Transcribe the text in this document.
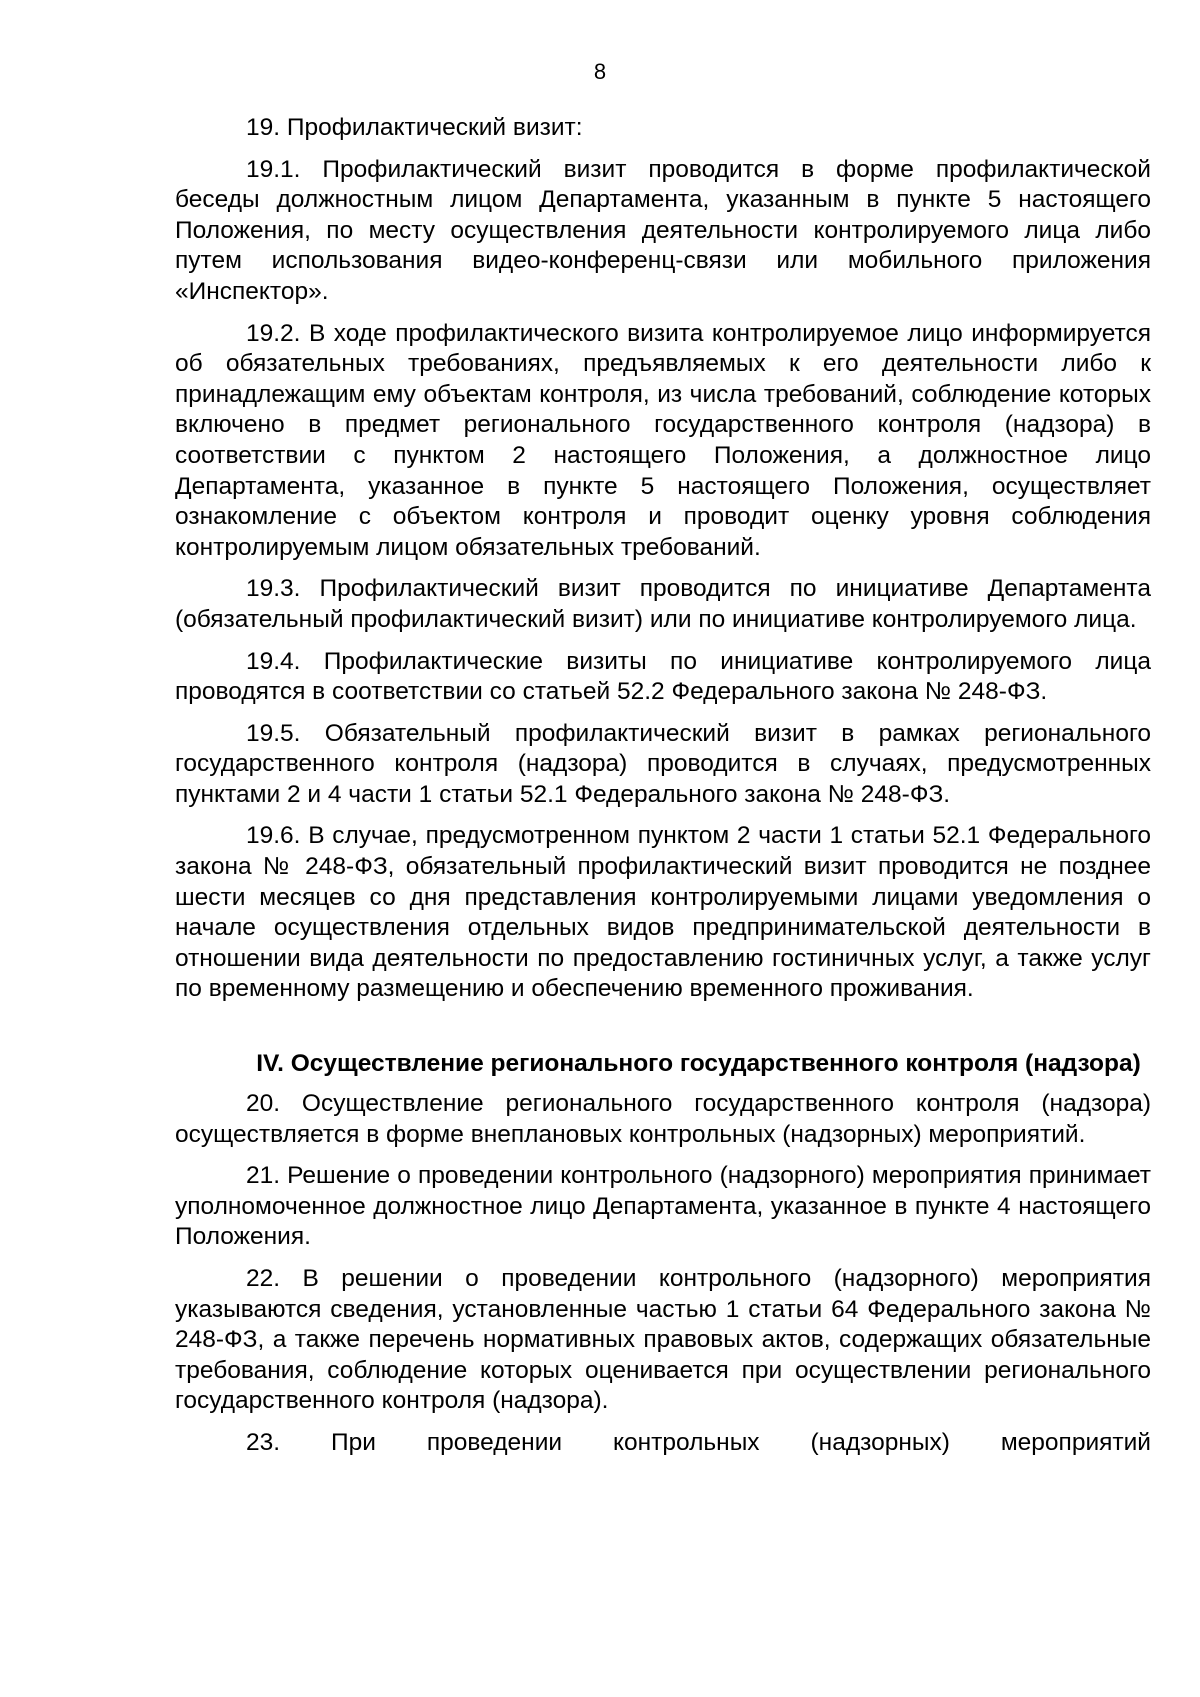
8

19. Профилактический визит:

19.1. Профилактический визит проводится в форме профилактической беседы должностным лицом Департамента, указанным в пункте 5 настоящего Положения, по месту осуществления деятельности контролируемого лица либо путем использования видео-конференц-связи или мобильного приложения «Инспектор».

19.2. В ходе профилактического визита контролируемое лицо информируется об обязательных требованиях, предъявляемых к его деятельности либо к принадлежащим ему объектам контроля, из числа требований, соблюдение которых включено в предмет регионального государственного контроля (надзора) в соответствии с пунктом 2 настоящего Положения, а должностное лицо Департамента, указанное в пункте 5 настоящего Положения, осуществляет ознакомление с объектом контроля и проводит оценку уровня соблюдения контролируемым лицом обязательных требований.

19.3. Профилактический визит проводится по инициативе Департамента (обязательный профилактический визит) или по инициативе контролируемого лица.

19.4. Профилактические визиты по инициативе контролируемого лица проводятся в соответствии со статьей 52.2 Федерального закона № 248-ФЗ.

19.5. Обязательный профилактический визит в рамках регионального государственного контроля (надзора) проводится в случаях, предусмотренных пунктами 2 и 4 части 1 статьи 52.1 Федерального закона № 248-ФЗ.

19.6. В случае, предусмотренном пунктом 2 части 1 статьи 52.1 Федерального закона № 248-ФЗ, обязательный профилактический визит проводится не позднее шести месяцев со дня представления контролируемыми лицами уведомления о начале осуществления отдельных видов предпринимательской деятельности в отношении вида деятельности по предоставлению гостиничных услуг, а также услуг по временному размещению и обеспечению временного проживания.

IV. Осуществление регионального государственного контроля (надзора)

20. Осуществление регионального государственного контроля (надзора) осуществляется в форме внеплановых контрольных (надзорных) мероприятий.

21. Решение о проведении контрольного (надзорного) мероприятия принимает уполномоченное должностное лицо Департамента, указанное в пункте 4 настоящего Положения.

22. В решении о проведении контрольного (надзорного) мероприятия указываются сведения, установленные частью 1 статьи 64 Федерального закона № 248-ФЗ, а также перечень нормативных правовых актов, содержащих обязательные требования, соблюдение которых оценивается при осуществлении регионального государственного контроля (надзора).

23. При проведении контрольных (надзорных) мероприятий
